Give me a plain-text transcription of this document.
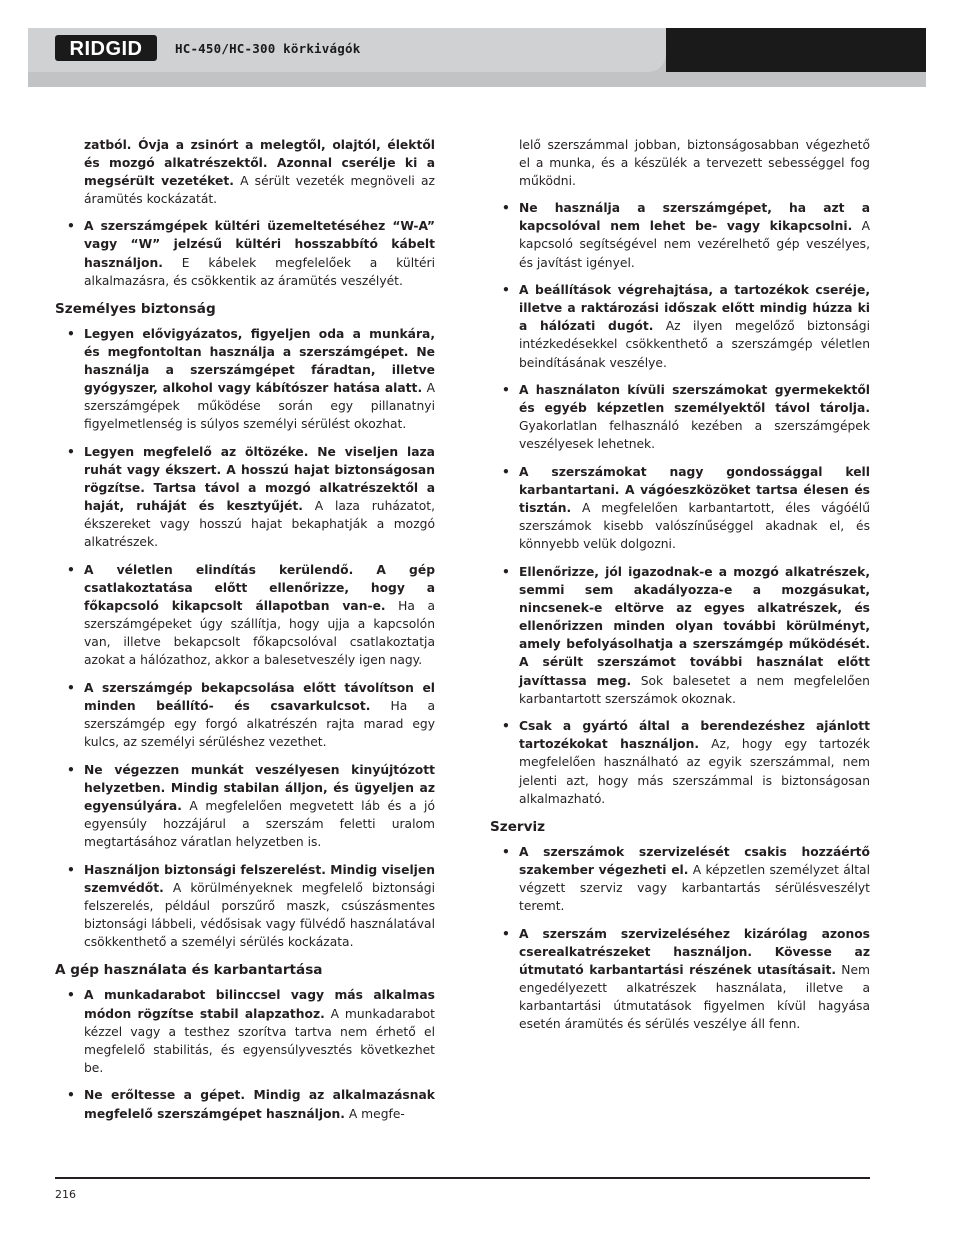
RIDGID	HC-450/HC-300 körkivágók

zatból. Óvja a zsinórt a melegtől, olajtól, élektől és mozgó alkatrészektől. Azonnal cserélje ki a megsérült vezetéket. A sérült vezeték megnöveli az áramütés kockázatát.

• A szerszámgépek kültéri üzemeltetéséhez “W-A” vagy “W” jelzésű kültéri hosszabbító kábelt használjon. E kábelek megfelelőek a kültéri alkalmazásra, és csökkentik az áramütés veszélyét.
Személyes biztonság
• Legyen elővigyázatos, figyeljen oda a munkára, és megfontoltan használja a szerszámgépet. Ne használja a szerszámgépet fáradtan, illetve gyógyszer, alkohol vagy kábítószer hatása alatt. A szerszámgépek működése során egy pillanatnyi figyelmetlenség is súlyos személyi sérülést okozhat.
• Legyen megfelelő az öltözéke. Ne viseljen laza ruhát vagy ékszert. A hosszú hajat biztonságosan rögzítse. Tartsa távol a mozgó alkatrészektől a haját, ruháját és kesztyűjét. A laza ruházatot, ékszereket vagy hosszú hajat bekaphatják a mozgó alkatrészek.
• A véletlen elindítás kerülendő. A gép csatlakoztatása előtt ellenőrizze, hogy a főkapcsoló kikapcsolt állapotban van-e. Ha a szerszámgépeket úgy szállítja, hogy ujja a kapcsolón van, illetve bekapcsolt főkapcsolóval csatlakoztatja azokat a hálózathoz, akkor a balesetveszély igen nagy.
• A szerszámgép bekapcsolása előtt távolítson el minden beállító- és csavarkulcsot. Ha a szerszámgép egy forgó alkatrészén rajta marad egy kulcs, az személyi sérüléshez vezethet.
• Ne végezzen munkát veszélyesen kinyújtózott helyzetben. Mindig stabilan álljon, és ügyeljen az egyensúlyára. A megfelelően megvetett láb és a jó egyensúly hozzájárul a szerszám feletti uralom megtartásához váratlan helyzetben is.
• Használjon biztonsági felszerelést. Mindig viseljen szemvédőt. A körülményeknek megfelelő biztonsági felszerelés, például porszűrő maszk, csúszásmentes biztonsági lábbeli, védősisak vagy fülvédő használatával csökkenthető a személyi sérülés kockázata.
A gép használata és karbantartása
• A munkadarabot bilinccsel vagy más alkalmas módon rögzítse stabil alapzathoz. A munkadarabot kézzel vagy a testhez szorítva tartva nem érhető el megfelelő stabilitás, és egyensúlyvesztés következhet be.
• Ne erőltesse a gépet. Mindig az alkalmazásnak megfelelő szerszámgépet használjon. A megfe-

lelő szerszámmal jobban, biztonságosabban végezhető el a munka, és a készülék a tervezett sebességgel fog működni.

• Ne használja a szerszámgépet, ha azt a kapcsolóval nem lehet be- vagy kikapcsolni. A kapcsoló segítségével nem vezérelhető gép veszélyes, és javítást igényel.
• A beállítások végrehajtása, a tartozékok cseréje, illetve a raktározási időszak előtt mindig húzza ki a hálózati dugót. Az ilyen megelőző biztonsági intézkedésekkel csökkenthető a szerszámgép véletlen beindításának veszélye.
• A használaton kívüli szerszámokat gyermekektől és egyéb képzetlen személyektől távol tárolja. Gyakorlatlan felhasználó kezében a szerszámgépek veszélyesek lehetnek.
• A szerszámokat nagy gondossággal kell karbantartani. A vágóeszközöket tartsa élesen és tisztán. A megfelelően karbantartott, éles vágóélű szerszámok kisebb valószínűséggel akadnak el, és könnyebb velük dolgozni.
• Ellenőrizze, jól igazodnak-e a mozgó alkatrészek, semmi sem akadályozza-e a mozgásukat, nincsenek-e eltörve az egyes alkatrészek, és ellenőrizzen minden olyan további körülményt, amely befolyásolhatja a szerszámgép működését. A sérült szerszámot további használat előtt javíttassa meg. Sok balesetet a nem megfelelően karbantartott szerszámok okoznak.
• Csak a gyártó által a berendezéshez ajánlott tartozékokat használjon. Az, hogy egy tartozék megfelelően használható az egyik szerszámmal, nem jelenti azt, hogy más szerszámmal is biztonságosan alkalmazható.
Szerviz
• A szerszámok szervizelését csakis hozzáértő szakember végezheti el. A képzetlen személyzet által végzett szerviz vagy karbantartás sérülésveszélyt teremt.
• A szerszám szervizeléséhez kizárólag azonos cserealkatrészeket használjon. Kövesse az útmutató karbantartási részének utasításait. Nem engedélyezett alkatrészek használata, illetve a karbantartási útmutatások figyelmen kívül hagyása esetén áramütés és sérülés veszélye áll fenn.
216
